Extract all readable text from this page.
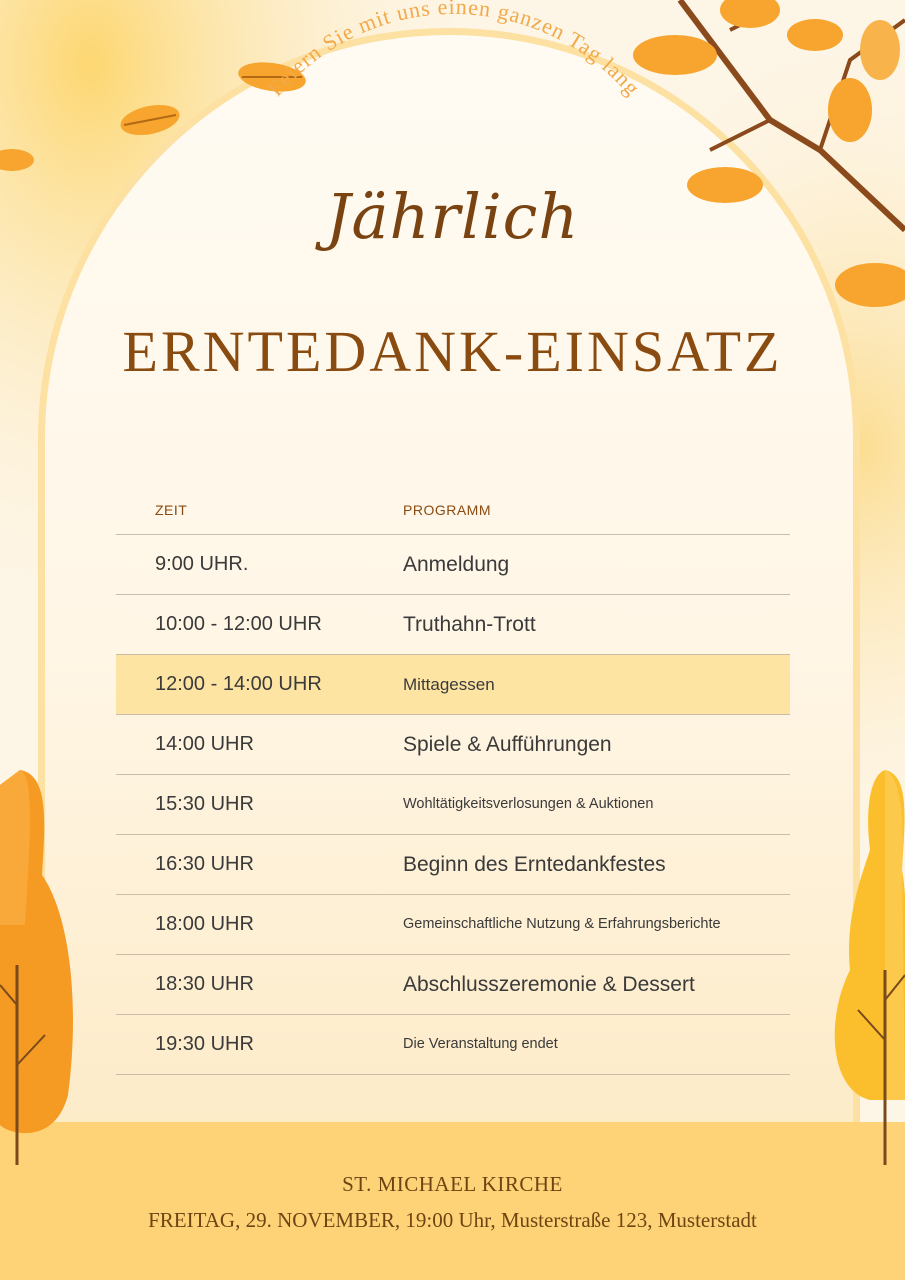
Feiern Sie mit uns einen ganzen Tag lang
Jährlich
ERNTEDANK-EINSATZ
ZEIT	PROGRAMM
9:00 UHR.	Anmeldung
10:00 - 12:00 UHR	Truthahn-Trott
12:00 - 14:00 UHR	Mittagessen
14:00 UHR	Spiele & Aufführungen
15:30 UHR	Wohltätigkeitsverlosungen & Auktionen
16:30 UHR	Beginn des Erntedankfestes
18:00 UHR	Gemeinschaftliche Nutzung & Erfahrungsberichte
18:30 UHR	Abschlusszeremonie & Dessert
19:30 UHR	Die Veranstaltung endet
ST. MICHAEL KIRCHE
FREITAG, 29. NOVEMBER, 19:00 Uhr, Musterstraße 123, Musterstadt
